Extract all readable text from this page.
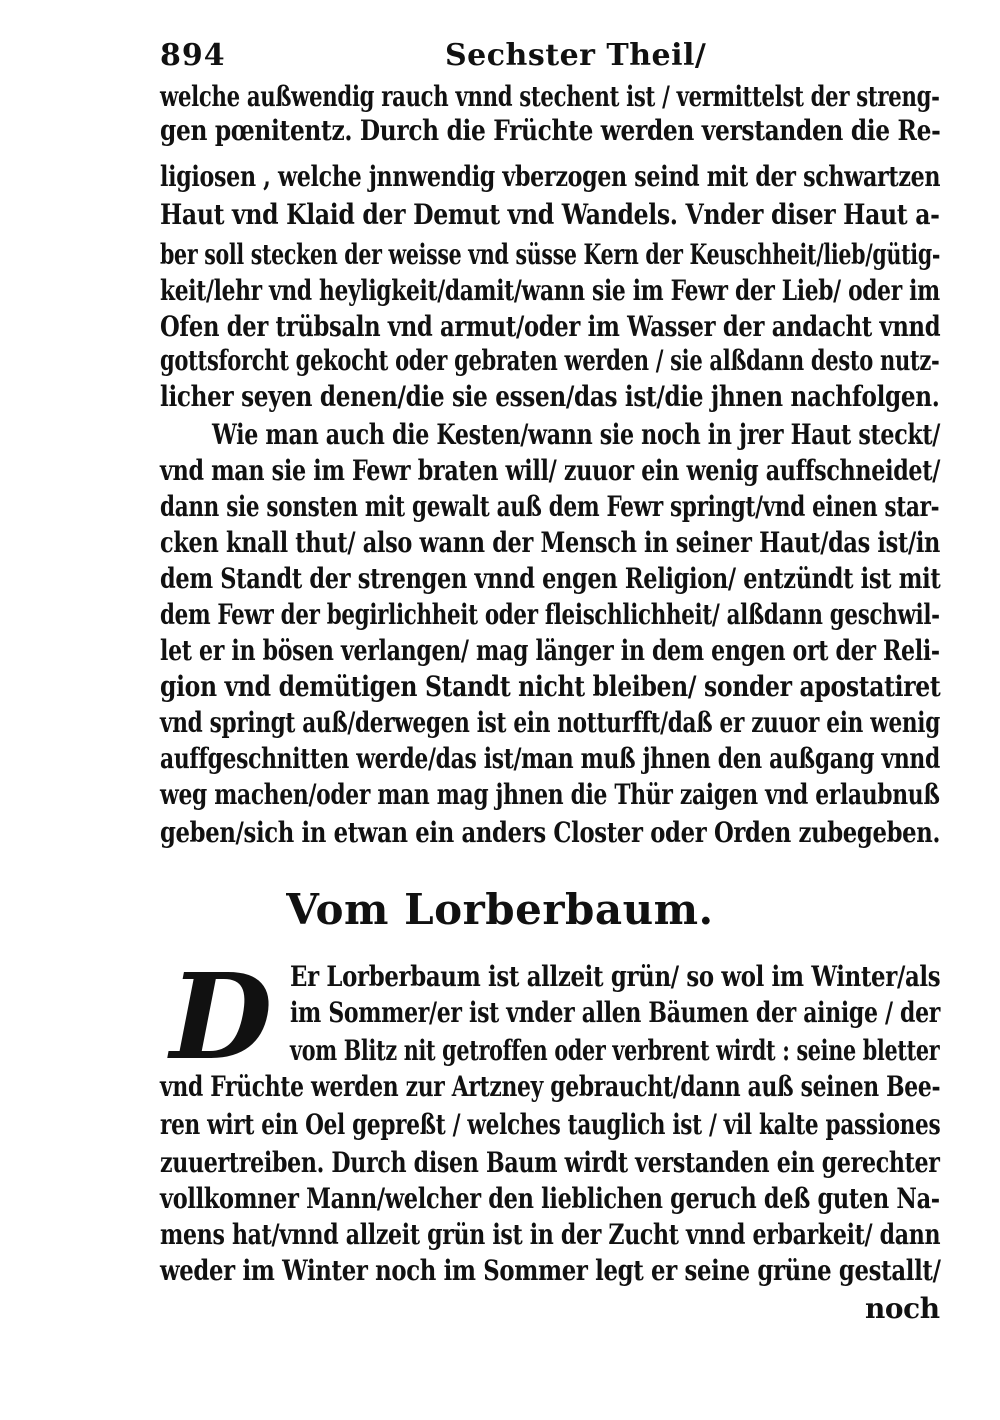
894	Sechster Theil/
welche außwendig rauch vnnd stechent ist / vermittelst der streng-
gen pœnitentz. Durch die Früchte werden verstanden die Re-
ligiosen , welche jnnwendig vberzogen seind mit der schwartzen
Haut vnd Klaid der Demut vnd Wandels. Vnder diser Haut a-
ber soll stecken der weisse vnd süsse Kern der Keuschheit/lieb/gütig-
keit/lehr vnd heyligkeit/damit/wann sie im Fewr der Lieb/ oder im
Ofen der trübsaln vnd armut/oder im Wasser der andacht vnnd
gottsforcht gekocht oder gebraten werden / sie alßdann desto nutz-
licher seyen denen/die sie essen/das ist/die jhnen nachfolgen.
Wie man auch die Kesten/wann sie noch in jrer Haut steckt/
vnd man sie im Fewr braten will/ zuuor ein wenig auffschneidet/
dann sie sonsten mit gewalt auß dem Fewr springt/vnd einen star-
cken knall thut/ also wann der Mensch in seiner Haut/das ist/in
dem Standt der strengen vnnd engen Religion/ entzündt ist mit
dem Fewr der begirlichheit oder fleischlichheit/ alßdann geschwil-
let er in bösen verlangen/ mag länger in dem engen ort der Reli-
gion vnd demütigen Standt nicht bleiben/ sonder apostatiret
vnd springt auß/derwegen ist ein notturfft/daß er zuuor ein wenig
auffgeschnitten werde/das ist/man muß jhnen den außgang vnnd
weg machen/oder man mag jhnen die Thür zaigen vnd erlaubnuß
geben/sich in etwan ein anders Closter oder Orden zubegeben.
Vom Lorberbaum.
D Er Lorberbaum ist allzeit grün/ so wol im Winter/als
im Sommer/er ist vnder allen Bäumen der ainige / der
vom Blitz nit getroffen oder verbrent wirdt : seine bletter
vnd Früchte werden zur Artzney gebraucht/dann auß seinen Bee-
ren wirt ein Oel gepreßt / welches tauglich ist / vil kalte passiones
zuuertreiben. Durch disen Baum wirdt verstanden ein gerechter
vollkomner Mann/welcher den lieblichen geruch deß guten Na-
mens hat/vnnd allzeit grün ist in der Zucht vnnd erbarkeit/ dann
weder im Winter noch im Sommer legt er seine grüne gestallt/
noch
